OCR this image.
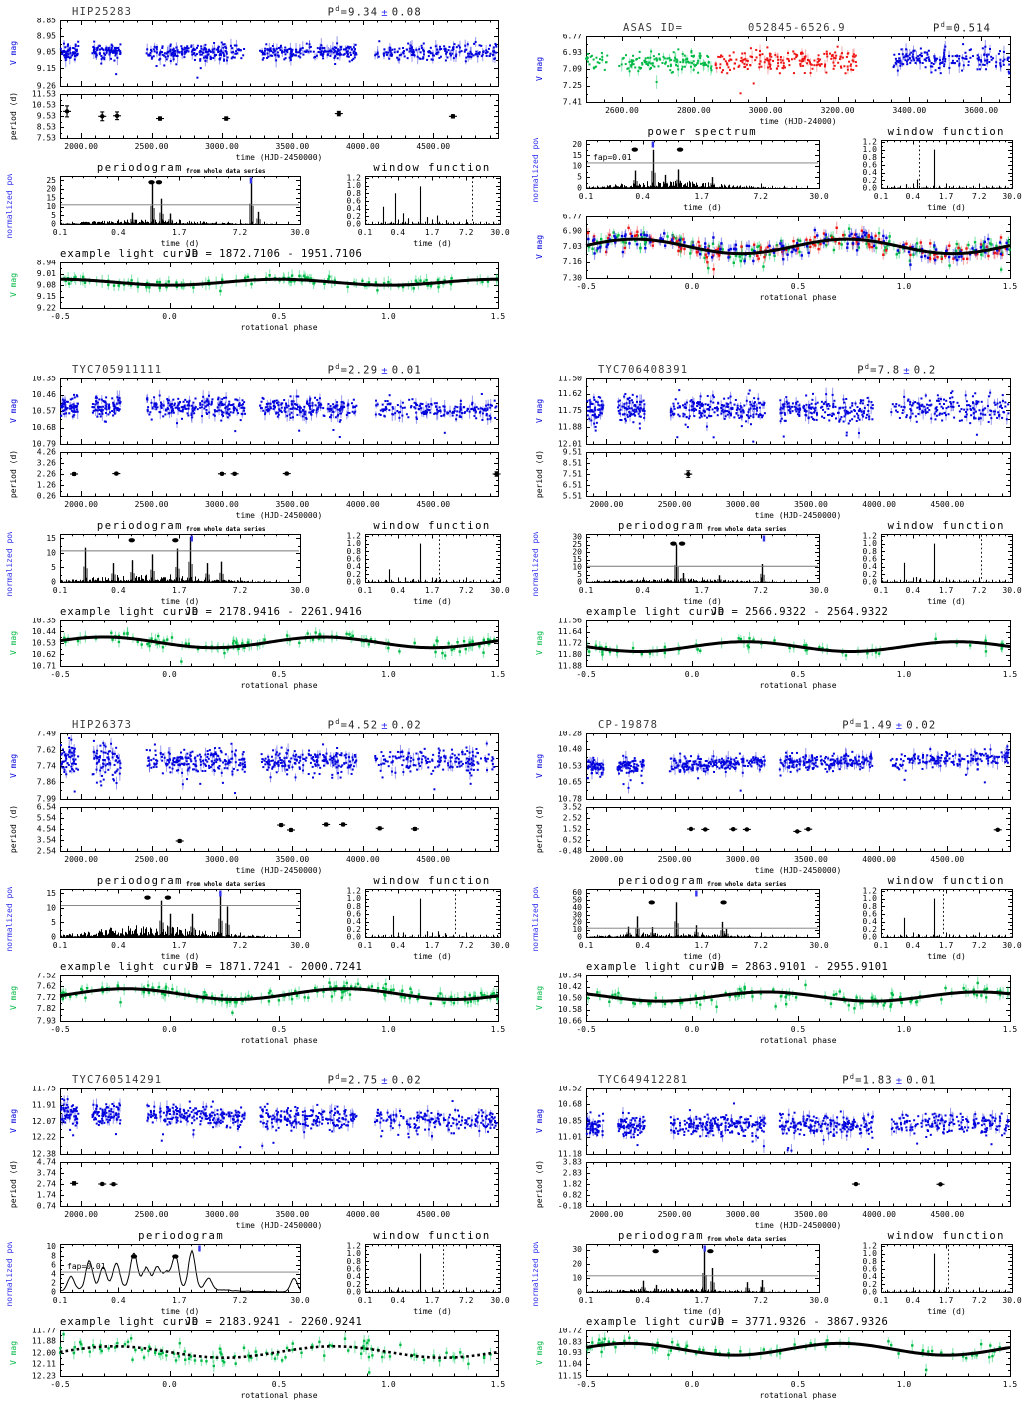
HIP25283	$P^d=9.34 \pm 0.08$
periodogram $_{from whole data series}$	window function
example light curve
JD = 1872.7106 - 1951.7106
ASAS ID=	052845-6526.9	$P^d=0.514$
power spectrum	window function
TYC705911111	$P^d=2.29 \pm 0.01$
periodogram $_{from whole data series}$	window function
example light curve
JD = 2178.9416 - 2261.9416
TYC706408391	$P^d=7.8 \pm 0.2$
periodogram $_{from whole data series}$	window function
example light curve
JD = 2566.9322 - 2564.9322
HIP26373	$P^d=4.52 \pm 0.02$
periodogram $_{from whole data series}$	window function
example light curve
JD = 1871.7241 - 2000.7241
CP-19878	$P^d=1.49 \pm 0.02$
periodogram $_{from whole data series}$	window function
example light curve
JD = 2863.9101 - 2955.9101
TYC760514291	$P^d=2.75 \pm 0.02$
periodogram	window function
example light curve
JD = 2183.9241 - 2260.9241
TYC649412281	$P^d=1.83 \pm 0.01$
periodogram $_{from whole data series}$	window function
example light curve
JD = 3771.9326 - 3867.9326
